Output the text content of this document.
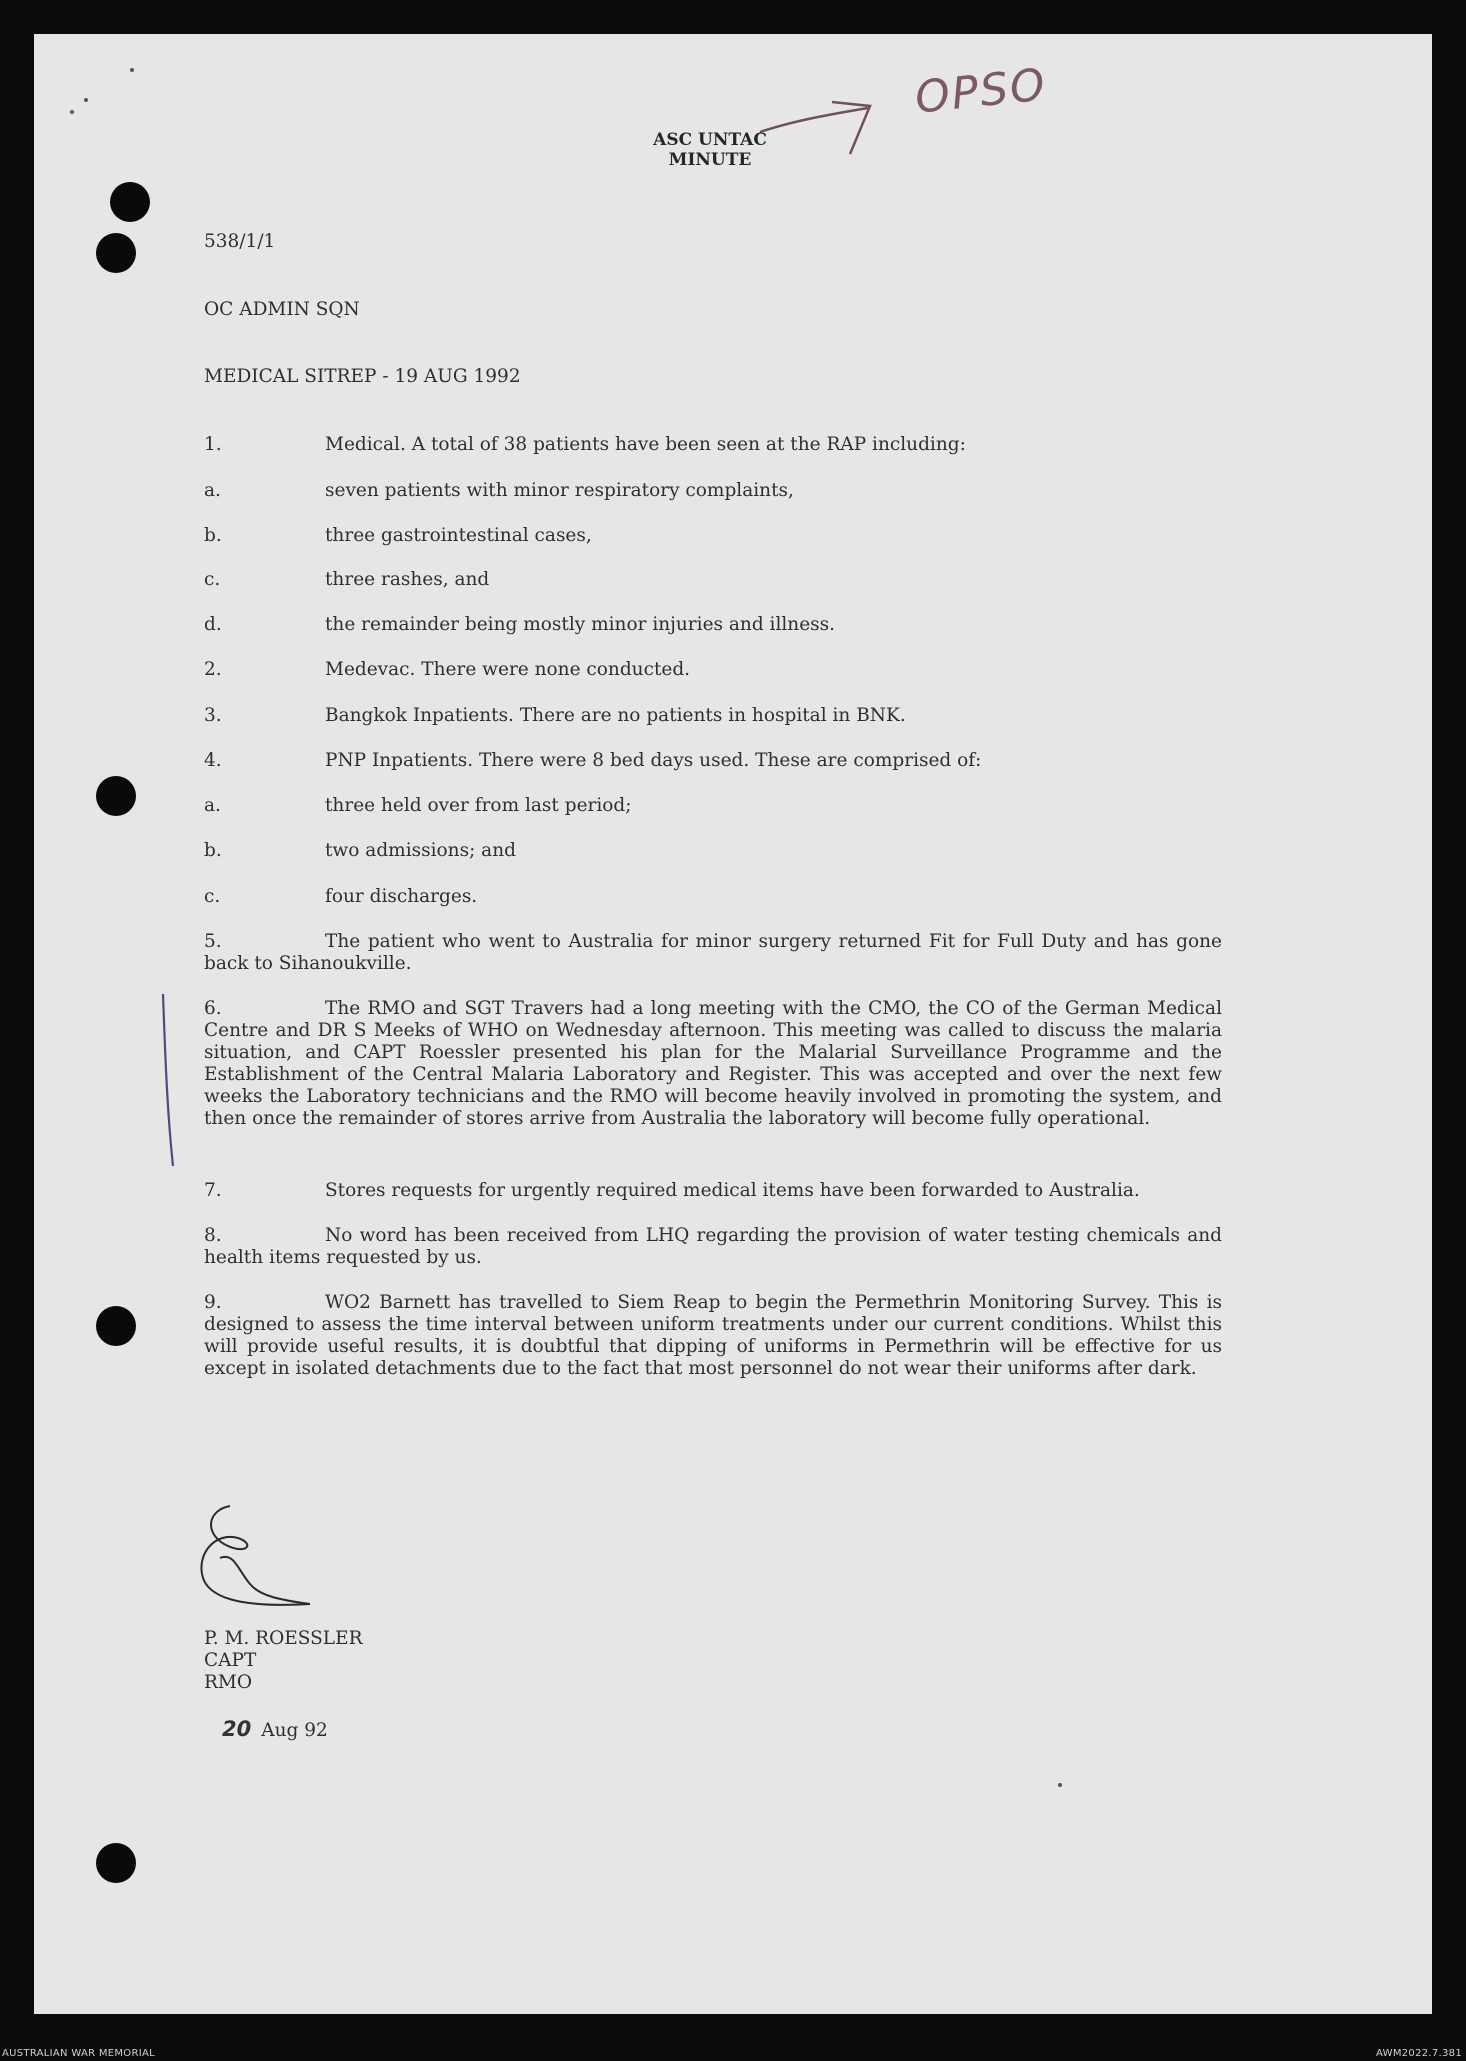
OPSO
ASC UNTAC
MINUTE
538/1/1
OC ADMIN SQN
MEDICAL SITREP - 19 AUG 1992
1.	Medical. A total of 38 patients have been seen at the RAP including:
a.	seven patients with minor respiratory complaints,
b.	three gastrointestinal cases,
c.	three rashes, and
d.	the remainder being mostly minor injuries and illness.
2.	Medevac. There were none conducted.
3.	Bangkok Inpatients. There are no patients in hospital in BNK.
4.	PNP Inpatients. There were 8 bed days used. These are comprised of:
a.	three held over from last period;
b.	two admissions; and
c.	four discharges.
5.	The patient who went to Australia for minor surgery returned Fit for Full Duty and has gone back to Sihanoukville.
6.	The RMO and SGT Travers had a long meeting with the CMO, the CO of the German Medical Centre and DR S Meeks of WHO on Wednesday afternoon. This meeting was called to discuss the malaria situation, and CAPT Roessler presented his plan for the Malarial Surveillance Programme and the Establishment of the Central Malaria Laboratory and Register. This was accepted and over the next few weeks the Laboratory technicians and the RMO will become heavily involved in promoting the system, and then once the remainder of stores arrive from Australia the laboratory will become fully operational.
7.	Stores requests for urgently required medical items have been forwarded to Australia.
8.	No word has been received from LHQ regarding the provision of water testing chemicals and health items requested by us.
9.	WO2 Barnett has travelled to Siem Reap to begin the Permethrin Monitoring Survey. This is designed to assess the time interval between uniform treatments under our current conditions. Whilst this will provide useful results, it is doubtful that dipping of uniforms in Permethrin will be effective for us except in isolated detachments due to the fact that most personnel do not wear their uniforms after dark.
P. M. ROESSLER
CAPT
RMO
20 Aug 92
AUSTRALIAN WAR MEMORIAL	AWM2022.7.381
